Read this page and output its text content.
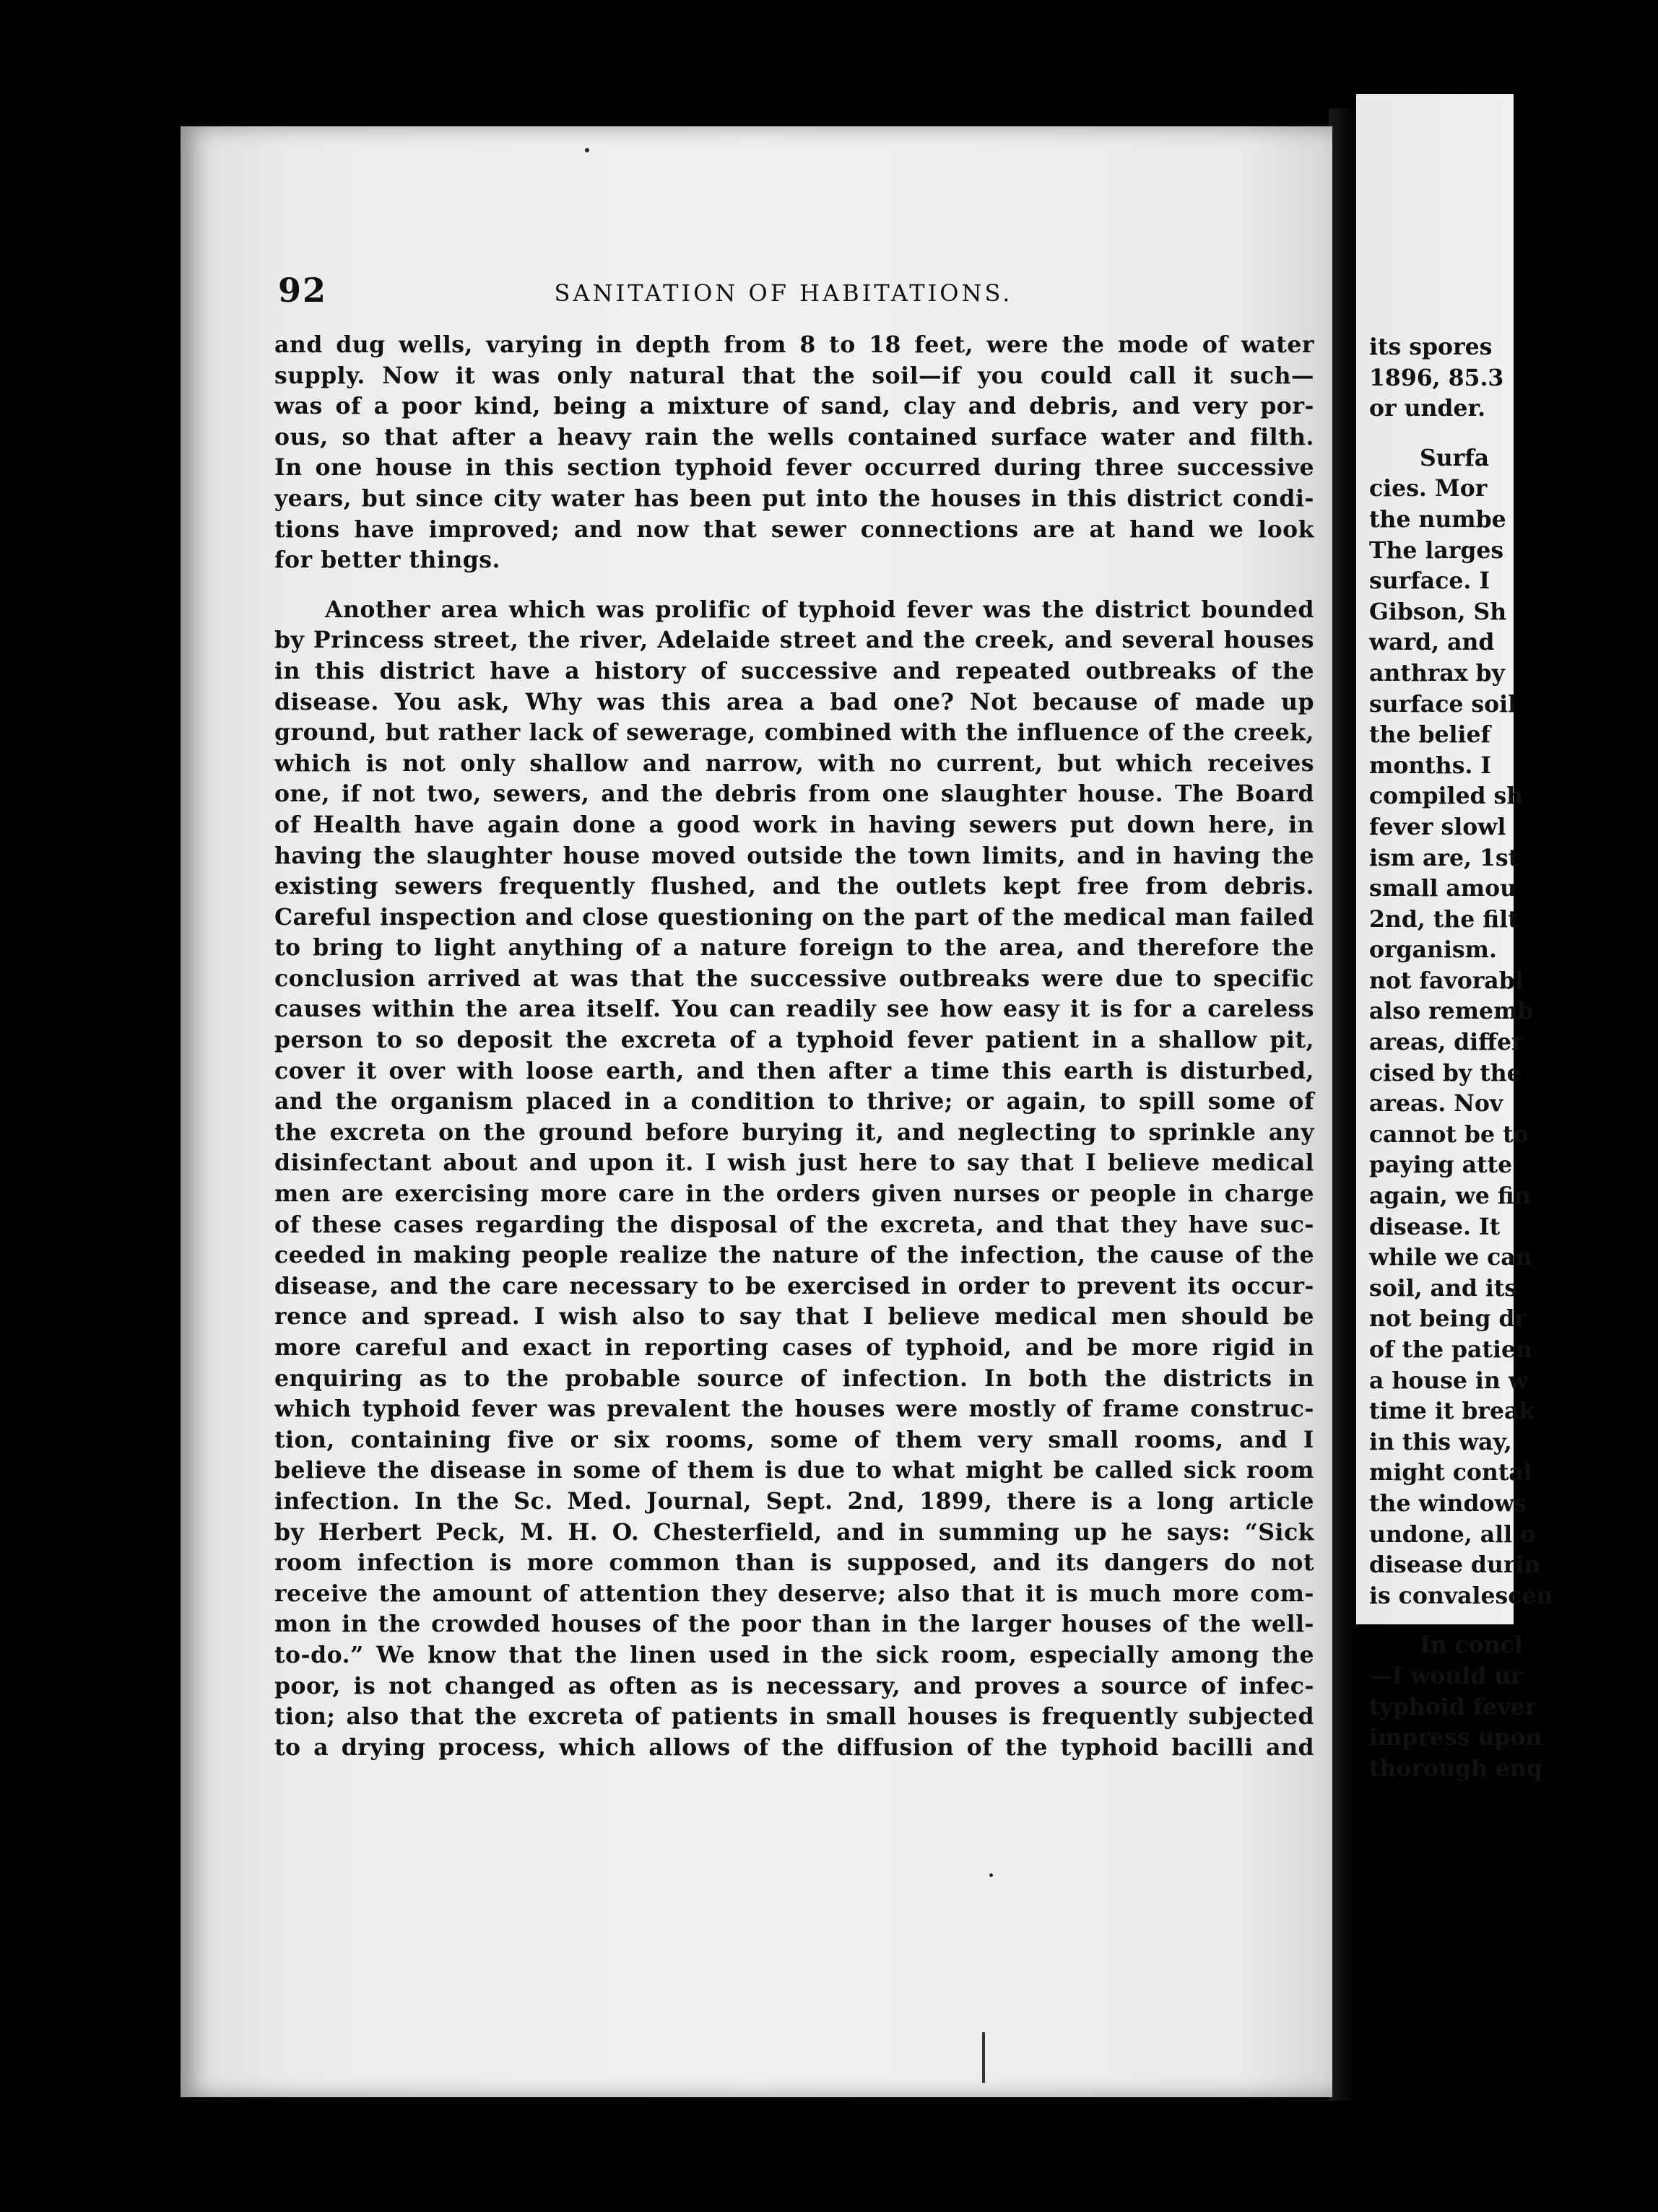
92	SANITATION OF HABITATIONS.

and dug wells, varying in depth from 8 to 18 feet, were the mode of water
supply. Now it was only natural that the soil—if you could call it such—
was of a poor kind, being a mixture of sand, clay and debris, and very por-
ous, so that after a heavy rain the wells contained surface water and filth.
In one house in this section typhoid fever occurred during three successive
years, but since city water has been put into the houses in this district condi-
tions have improved; and now that sewer connections are at hand we look
for better things.

Another area which was prolific of typhoid fever was the district bounded
by Princess street, the river, Adelaide street and the creek, and several houses
in this district have a history of successive and repeated outbreaks of the
disease. You ask, Why was this area a bad one? Not because of made up
ground, but rather lack of sewerage, combined with the influence of the creek,
which is not only shallow and narrow, with no current, but which receives
one, if not two, sewers, and the debris from one slaughter house. The Board
of Health have again done a good work in having sewers put down here, in
having the slaughter house moved outside the town limits, and in having the
existing sewers frequently flushed, and the outlets kept free from debris.
Careful inspection and close questioning on the part of the medical man failed
to bring to light anything of a nature foreign to the area, and therefore the
conclusion arrived at was that the successive outbreaks were due to specific
causes within the area itself. You can readily see how easy it is for a careless
person to so deposit the excreta of a typhoid fever patient in a shallow pit,
cover it over with loose earth, and then after a time this earth is disturbed,
and the organism placed in a condition to thrive; or again, to spill some of
the excreta on the ground before burying it, and neglecting to sprinkle any
disinfectant about and upon it. I wish just here to say that I believe medical
men are exercising more care in the orders given nurses or people in charge
of these cases regarding the disposal of the excreta, and that they have suc-
ceeded in making people realize the nature of the infection, the cause of the
disease, and the care necessary to be exercised in order to prevent its occur-
rence and spread. I wish also to say that I believe medical men should be
more careful and exact in reporting cases of typhoid, and be more rigid in
enquiring as to the probable source of infection. In both the districts in
which typhoid fever was prevalent the houses were mostly of frame construc-
tion, containing five or six rooms, some of them very small rooms, and I
believe the disease in some of them is due to what might be called sick room
infection. In the Sc. Med. Journal, Sept. 2nd, 1899, there is a long article
by Herbert Peck, M. H. O. Chesterfield, and in summing up he says: “Sick
room infection is more common than is supposed, and its dangers do not
receive the amount of attention they deserve; also that it is much more com-
mon in the crowded houses of the poor than in the larger houses of the well-
to-do.” We know that the linen used in the sick room, especially among the
poor, is not changed as often as is necessary, and proves a source of infec-
tion; also that the excreta of patients in small houses is frequently subjected
to a drying process, which allows of the diffusion of the typhoid bacilli and

its spores
1896, 85.3
or under.
Surfa
cies. Mor
the numbe
The larges
surface. I
Gibson, Sh
ward, and
anthrax by
surface soil
the belief
months. I
compiled sh
fever slowl
ism are, 1st
small amou
2nd, the filt
organism.
not favorabl
also rememb
areas, differ
cised by the
areas. Nov
cannot be to
paying atte
again, we fin
disease. It
while we can
soil, and its
not being dr
of the patien
a house in w
time it break
in this way,
might contai
the windows
undone, all o
disease durin
is convalescen
In concl
—I would ur
typhoid fever
impress upon
thorough enq
